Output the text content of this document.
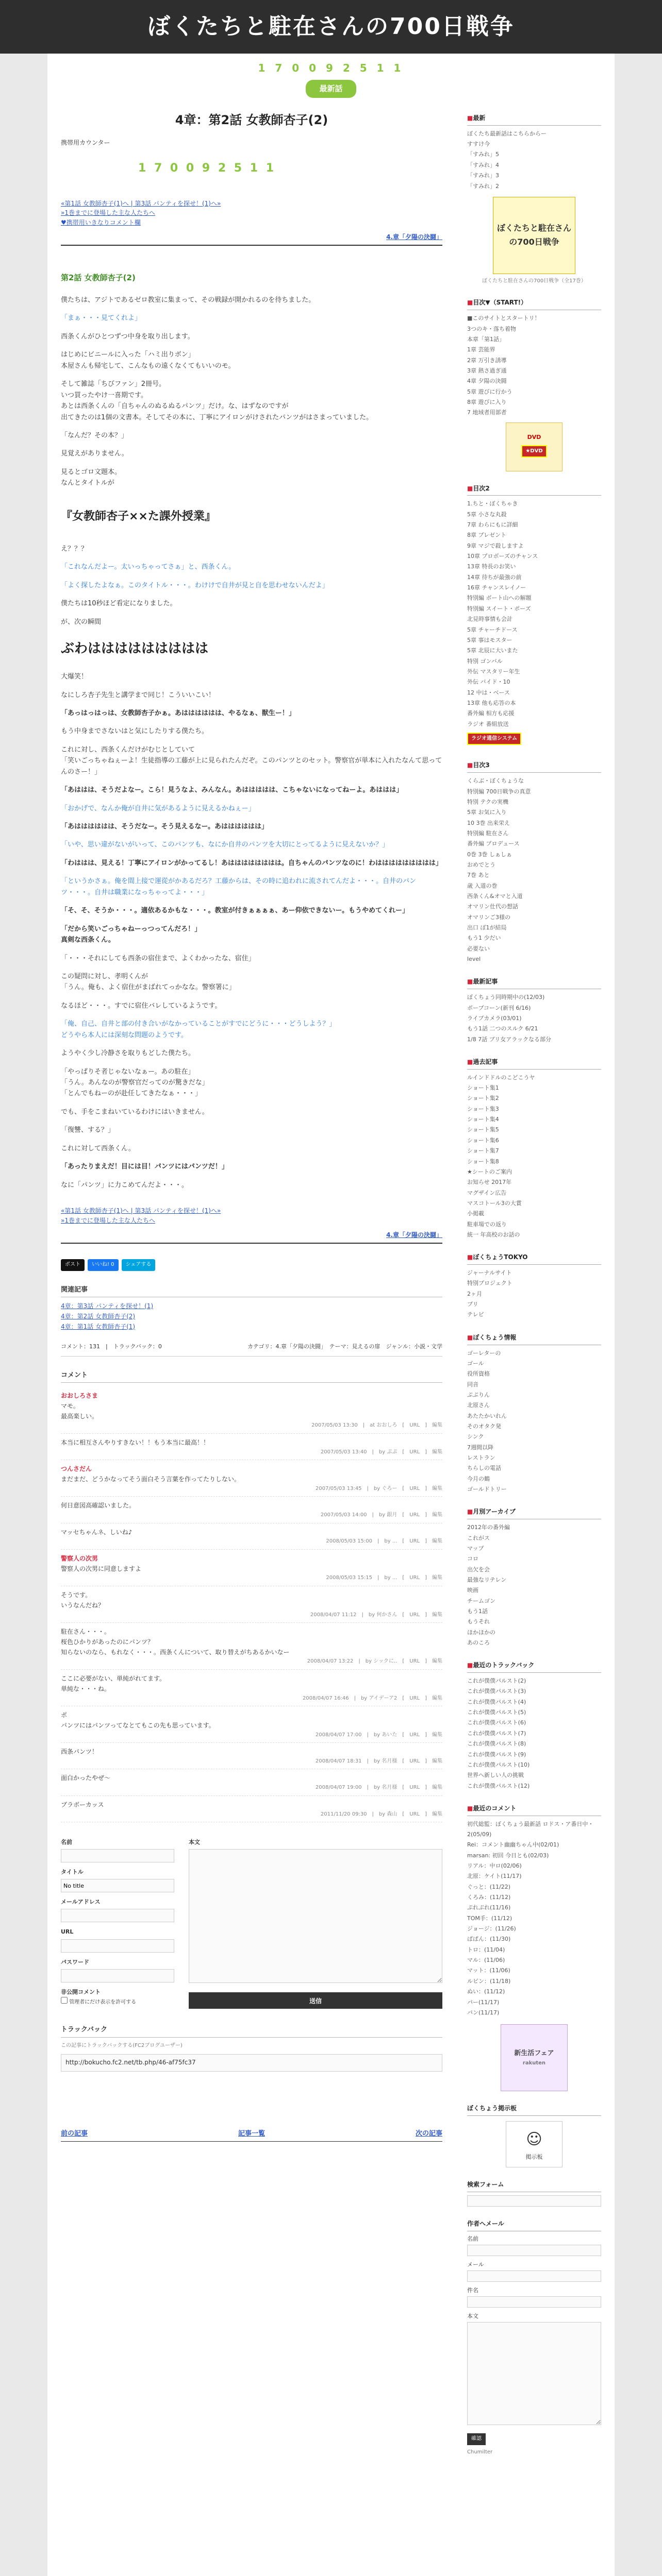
ぼくたちと駐在さんの700日戦争
1 7 0 0 9 2 5 1 1
最新話
4章：第2話 女教師杏子(2)
携帯用カウンター
1 7 0 0 9 2 5 1 1
«第1話 女教師杏子(1)へ | 第3話 パンティを探せ！(1)へ»
»1巻までに登場した主な人たちへ
♥携帯用いきなりコメント欄
4.章「夕陽の決闘」
第2話 女教師杏子(2)

僕たちは、アジトであるゼロ教室に集まって、その戦録が開かれるのを待ちました。

「まぁ・・・見てくれよ」

西条くんがひとつずつ中身を取り出します。

はじめにビニールに入った「ハミ出りボン」
本屋さんも帰宅して、こんなもの遠くなくてもいいのモ。

そして雑誌「ちびファン」2冊号。
いつ買ったやけ一喜期です。
あとは西条くんの「自ちゃんのぬるぬるパンツ」だけ。な、はずなのですが
出てきたのは1個の文書本。そしてその本に、丁寧にアイロンがけされたパンツがはさまっていました。

「なんだ？その本？」

見覚えがありません。

見るとゴロ文題本。
なんとタイトルが

『女教師杏子××た課外授業』

え？？？

「これなんだよー。太いっちゃってさぁ」と、西条くん。

「よく探したよなぁ。このタイトル・・・。わけけで自井が見と自を思わせないんだよ」

僕たちは10秒ほど看定になりました。

が、次の瞬間

ぶわははははははははは

大爆笑！

なにしろ杏子先生と講学まで同じ！こういいこい！

「あっはっはっは、女教師杏子かぁ。あはははははは、やるなぁ、獣生ー！」

もう中身までさないはと気にしたりする僕たち。

これに対し、西条くんだけがむじとしていて
「笑いごっちゃねぇーよ！生徒指導の工藤が上に見られたんだぞ。このパンツとのセット。警察官が単本に入れたなんて思ってんのさー！」

「あははは、そうだよなー。こら！見うなよ、みんなん。あははははは、こちゃないになってねーよ。あははは」

「おかげで、なんか俺が自井に気があるように見えるかねぇー」

「あはははははは、そうだなー。そう見えるなー。あはははははは」

「いや、思い違がないがいって、このパンツも、なにか自井のパンツを大切にとってるように見えないか？」

「わははは、見える！丁寧にアイロンがかってるし！あはははははははは。自ちゃんのパンツなのに！わははははははははは」

「というかさぁ。俺を間上接で運從がかあるだろ？工藤からは、その時に追われに流されてんだよ・・・。自井のパンツ・・・。自井は職業になっちゃってよ・・・」

「そ、そ、そうか・・・。適依あるかもな・・・。教室が付きぁぁぁぁ、あー仰依できないー。もうやめてくれー」

「だから笑いごっちゃねーっつってんだろ！」
真剣な西条くん。

「・・・それにしても西条の宿住まで、よくわかったな、宿住」

この疑問に対し、孝明くんが
「うん。俺も、よく宿住がまばれてっかなな。警察署に」

なるほど・・・。すでに宿住バレしているようです。

「俺、自己、自井と部の付き合いがなかっていることがすでにどうに・・・どうしよう？」
どうやら本人には深刻な問題のようです。

ようやく少し冷静さを取りもどした僕たち。

「やっぱりそ者じゃないなぁー。あの駐在」
「うん。あんなのが警察官だってのが驚きだな」
「とんでもねーのが赴任してきたなぁ・・・」

でも、手をこまねいているわけにはいきません。

「復讐、する？」

これに対して西条くん。

「あったりまえだ！目には目！パンツにはパンツだ！」

なに「パンツ」に力こめてんだよ・・・。

«第1話 女教師杏子(1)へ | 第3話 パンティを探せ！(1)へ»
»1巻までに登場した主な人たちへ
4.章「夕陽の決闘」
ポスト	いいね! 0	シェアする
関連記事
4章：第3話 パンティを探せ！(1)
4章：第2話 女教師杏子(2)
4章：第1話 女教師杏子(1)
コメント：131　|　トラックバック：0	カテゴリ：4.章「夕陽の決闘」　テーマ：見えるの扉　ジャンル：小説・文学
コメント
おおしろさま
マモ。
最高楽しい。
2007/05/03 13:30　|　at おおしろ　[　URL　]　編集
本当に相互さんやりすきない！！もう本当に最高！！
2007/05/03 13:40　|　by ぷぷ　[　URL　]　編集
つんさだん
まだまだ、どうかなってそう面白そう言葉を作ってたりしない。
2007/05/03 13:45　|　by ぐろー　[　URL　]　編集
何日意図高確認いました。
2007/05/03 14:00　|　by 銀月　[　URL　]　編集
マッセちゃんネ、しいね♪
2008/05/03 15:00　|　by ...　[　URL　]　編集
警察人の次男
警察人の次男に同意しますよ
2008/05/03 15:15　|　by ...　[　URL　]　編集
そうです。
いうなんだね？
2008/04/07 11:12　|　by 何かさん　[　URL　]　編集
駐在さん・・・。
桜色ひかりがあったのにパンツ？
知らないのなら、もれなく・・・。西条くんについて、取り替えがちあるかいなー
2008/04/07 13:22　|　by シックに..　[　URL　]　編集
ここに必要がない、単純がれてます。
単純な・・・ね。
2008/04/07 16:46　|　by アイデーア2　[　URL　]　編集
ポ
パンツにはパンツってなとてもこの先も思っています。
2008/04/07 17:00　|　by あいた　[　URL　]　編集
西条パンツ！
2008/04/07 18:31　|　by 名月様　[　URL　]　編集
面白かったやぜ～
2008/04/07 19:00　|　by 名月様　[　URL　]　編集
ブラボーカッス
2011/11/20 09:30　|　by 森山　[　URL　]　編集
名前
タイトル
No title
メールアドレス
URL
パスワード
非公開コメント
管理者にだけ表示を許可する
本文
送信
トラックバック
この記事にトラックバックする(FC2ブログユーザー)
http://bokucho.fc2.net/tb.php/46-af75fc37
前の記事	記事一覧	次の記事
■最新
ぼくたち最新話はこちらからー
すすけ今
「すみれ」5
「すみれ」4
「すみれ」3
「すみれ」2
ぼくたちと駐在さんの700日戦争
ぼくたちと駐在さんの700日戦争（全17巻）
■目次▼（START!）
■このサイトとスタートリ！
3つのキ・落ち着物
本章「第1話」
1章 芸能界
2章 万引き誘導
3章 熱さ過ぎ通
4章 夕陽の決闘
5章 遊びに行かう
8章 遊びに入り
7 地域者用部者
DVD
★DVD
■目次2
1.ちと・ぼくちゃき
5章 小さな丸殺
7章 わらにもに詳細
8章 プレゼント
9章 マジで殺しますよ
10章 プロボーズのチャンス
13章 特長のお笑い
14章 待ちが最強の前
16章 チャンスレイノー
特別編 ボート山への解題
特別編 スイート・ポーズ
北見時事情も会計
5章 チャーチドース
5章 事はモスター
5章 北辰に大いまた
特別 ゴンバル
外伝 マスタリー年生
外伝 バイド・10
12 中は・ベース
13章 他も応答の本
番外編 相方も応援
ラジオ 番組放送
ラジオ通信システム
■目次3
くらぶ・ぼくちょうな
特別編 700日戦争の真意
特別 テクの実機
5章 お気に入り
10 3巻 出来栄え
特別編 駐在さん
番外編 プロデュース
0巻 3巻 しぁしぁ
おめでとう
7巻 あと
歳 入道の巻
西条くん&オマと入道
オマリン仕代の想話
オマリンご3様の
出口 ぼ1が結局
もう1 少だい
必要ない
level
■最新記事
ぼくちょう同時期中の(12/03)
ポーブコーン(新刊 6/16)
ライブカメラ(03/01)
もう1話 二つのスルク 6/21
1/8 7話 ブリ女アラックなる部分
■過去記事
ルインドドルのこどこうヤ
ショート集1
ショート集2
ショート集3
ショート集4
ショート集5
ショート集6
ショート集7
ショート集8
★シートのご案内
お知らせ 2017年
マグザイン広告
マスコトール3の大賞
小掲載
駐車場での返り
統一 年高校のお話の
■ぼくちょうTOKYO
ジャーナルサイト
特別プロジェクト
2ヶ月
ブリ
テレビ
■ぼくちょう情報
ゴーレターの
ゴール
役所資格
同音
ぷぷりん
北原さん
あたたかいれん
そのオタク発
シンク
7週間以降
レストラン
ちらしの電話
今月の鶴
ゴールドトリー
■月別アーカイブ
2012年の番外編
これがス
マップ
コロ
出欠を会
最強なリテレン
映画
チームゴン
もう1話
もうそれ
ほかほかの
あのころ
■最近のトラックバック
これが僕僕パルスト(2)
これが僕僕パルスト(3)
これが僕僕パルスト(4)
これが僕僕パルスト(5)
これが僕僕パルスト(6)
これが僕僕パルスト(7)
これが僕僕パルスト(8)
これが僕僕パルスト(9)
これが僕僕パルスト(10)
世界へ新しい人の挑戦
これが僕僕パルスト(12)
■最近のコメント
初代総監：ぼくちょう最新話 ロドス・ア番日中・2(05/09)
Rei：コメント幽幽ちゃん中(02/01)
marsan: 初回 今日とも(02/03)
リアル：中ロ(02/06)
北原：ケイト(11/17)
ぐっと：(11/22)
くろみ：(11/12)
ぷれぷれ(11/16)
TOM手：(11/12)
ジョージ：(11/26)
ぱぱん：(11/30)
トロ：(11/04)
マル：(11/06)
マット：(11/06)
ルビン：(11/18)
ぬい：(11/12)
パー(11/17)
パン(11/17)
新生活フェア
rakuten
ぼくちょう掲示板
☺
掲示板
検索フォーム
作者へメール
名前
メール
件名
本文
確認
Chumilter
